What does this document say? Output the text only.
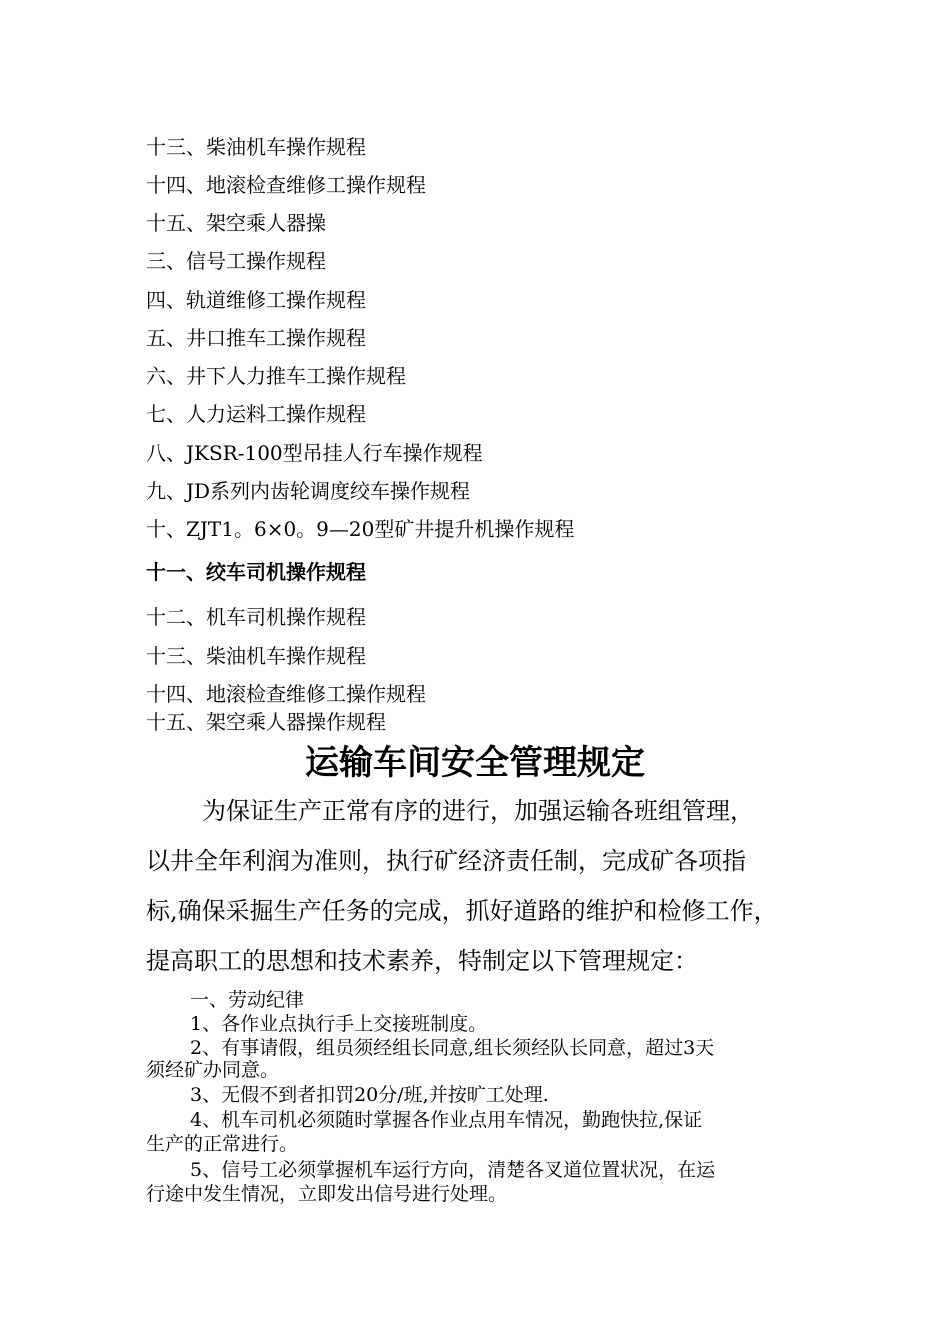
十三、柴油机车操作规程
十四、地滚检查维修工操作规程
十五、架空乘人器操
三、信号工操作规程
四、轨道维修工操作规程
五、井口推车工操作规程
六、井下人力推车工操作规程
七、人力运料工操作规程
八、JKSR-100型吊挂人行车操作规程
九、JD系列内齿轮调度绞车操作规程
十、ZJT1。6×0。9—20型矿井提升机操作规程
十一、绞车司机操作规程
十二、机车司机操作规程
十三、柴油机车操作规程
十四、地滚检查维修工操作规程
十五、架空乘人器操作规程
运输车间安全管理规定
为保证生产正常有序的进行，加强运输各班组管理，
以井全年利润为准则，执行矿经济责任制，完成矿各项指
标,确保采掘生产任务的完成，抓好道路的维护和检修工作，
提高职工的思想和技术素养，特制定以下管理规定：
一、劳动纪律
1、各作业点执行手上交接班制度。
2、有事请假，组员须经组长同意,组长须经队长同意，超过3天
须经矿办同意。
3、无假不到者扣罚20分/班,并按旷工处理.
4、机车司机必须随时掌握各作业点用车情况，勤跑快拉,保证
生产的正常进行。
5、信号工必须掌握机车运行方向，清楚各叉道位置状况，在运
行途中发生情况，立即发出信号进行处理。
